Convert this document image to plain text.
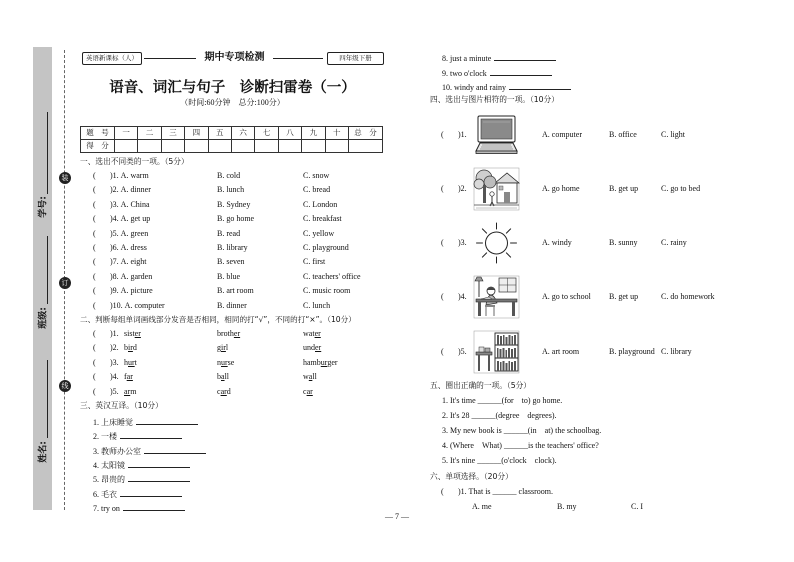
学号:
班级:
姓名:
装
订
线
英语新课标（人）	期中专项检测	四年级下册
语音、词汇与句子　诊断扫雷卷（一）
（时间:60分钟　总分:100分）
题　号	一	二	三	四	五	六	七	八	九	十	总　分
得　分											
一、选出不同类的一项。（5分）
( )1. A. warm	B. cold	C. snow
( )2. A. dinner	B. lunch	C. bread
( )3. A. China	B. Sydney	C. London
( )4. A. get up	B. go home	C. breakfast
( )5. A. green	B. read	C. yellow
( )6. A. dress	B. library	C. playground
( )7. A. eight	B. seven	C. first
( )8. A. garden	B. blue	C. teachers' office
( )9. A. picture	B. art room	C. music room
( )10. A. computer	B. dinner	C. lunch
二、判断每组单词画线部分发音是否相同，相同的打“√”，不同的打“×”。（10分）
( )1. sister	brother	water
( )2. bird	girl	under
( )3. hurt	nurse	hamburger
( )4. far	ball	wall
( )5. arm	card	car
三、英汉互译。（10分）
1. 上床睡觉
2. 一楼
3. 教师办公室
4. 太阳镜
5. 昂贵的
6. 毛衣
7. try on
8. just a minute
9. two o'clock
10. windy and rainy
四、选出与图片相符的一项。（10分）
( )1.	A. computer	B. office	C. light
( )2.	A. go home	B. get up	C. go to bed
( )3.	A. windy	B. sunny	C. rainy
( )4.	A. go to school B. get up	C. do homework
( )5.	A. art room	B. playground C. library
五、圈出正确的一项。（5分）
1. It's time ______(for　to) go home.
2. It's 28 ______(degree　degrees).
3. My new book is ______(in　at) the schoolbag.
4. (Where　What) ______is the teachers' office?
5. It's nine ______(o'clock　clock).
六、单项选择。（20分）
( )1. That is ______ classroom.
A. me	B. my	C. I
— 7 —
